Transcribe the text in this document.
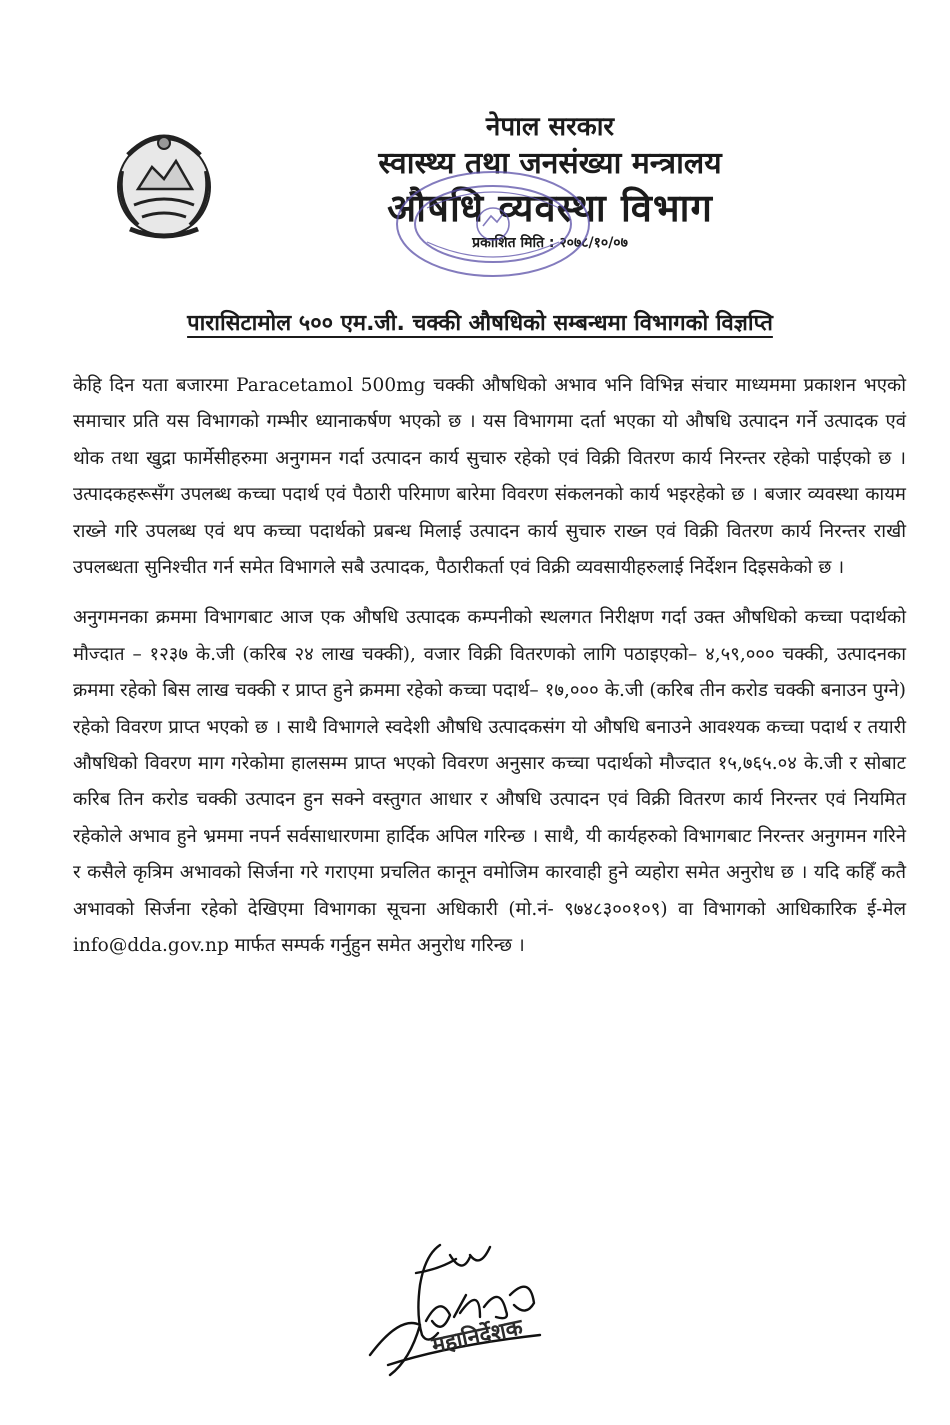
नेपाल सरकार
स्वास्थ्य तथा जनसंख्या मन्त्रालय
औषधि व्यवस्था विभाग
प्रकाशित मिति : २०७८/१०/०७
पारासिटामोल ५०० एम.जी. चक्की औषधिको सम्बन्धमा विभागको विज्ञप्ति

केहि दिन यता बजारमा Paracetamol 500mg चक्की औषधिको अभाव भनि विभिन्न संचार माध्यममा प्रकाशन भएको समाचार प्रति यस विभागको गम्भीर ध्यानाकर्षण भएको छ । यस विभागमा दर्ता भएका यो औषधि उत्पादन गर्ने उत्पादक एवं थोक तथा खुद्रा फार्मेसीहरुमा अनुगमन गर्दा उत्पादन कार्य सुचारु रहेको एवं विक्री वितरण कार्य निरन्तर रहेको पाईएको छ । उत्पादकहरूसँग उपलब्ध कच्चा पदार्थ एवं पैठारी परिमाण बारेमा विवरण संकलनको कार्य भइरहेको छ । बजार व्यवस्था कायम राख्ने गरि उपलब्ध एवं थप कच्चा पदार्थको प्रबन्ध मिलाई उत्पादन कार्य सुचारु राख्न एवं विक्री वितरण कार्य निरन्तर राखी उपलब्धता सुनिश्चीत गर्न समेत विभागले सबै उत्पादक, पैठारीकर्ता एवं विक्री व्यवसायीहरुलाई निर्देशन दिइसकेको छ ।

अनुगमनका क्रममा विभागबाट आज एक औषधि उत्पादक कम्पनीको स्थलगत निरीक्षण गर्दा उक्त औषधिको कच्चा पदार्थको मौज्दात – १२३७ के.जी (करिब २४ लाख चक्की), वजार विक्री वितरणको लागि पठाइएको– ४,५९,००० चक्की, उत्पादनका क्रममा रहेको बिस लाख चक्की र प्राप्त हुने क्रममा रहेको कच्चा पदार्थ– १७,००० के.जी (करिब तीन करोड चक्की बनाउन पुग्ने) रहेको विवरण प्राप्त भएको छ । साथै विभागले स्वदेशी औषधि उत्पादकसंग यो औषधि बनाउने आवश्यक कच्चा पदार्थ र तयारी औषधिको विवरण माग गरेकोमा हालसम्म प्राप्त भएको विवरण अनुसार कच्चा पदार्थको मौज्दात १५,७६५.०४ के.जी र सोबाट करिब तिन करोड चक्की उत्पादन हुन सक्ने वस्तुगत आधार र औषधि उत्पादन एवं विक्री वितरण कार्य निरन्तर एवं नियमित रहेकोले अभाव हुने भ्रममा नपर्न सर्वसाधारणमा हार्दिक अपिल गरिन्छ । साथै, यी कार्यहरुको विभागबाट निरन्तर अनुगमन गरिने र कसैले कृत्रिम अभावको सिर्जना गरे गराएमा प्रचलित कानून वमोजिम कारवाही हुने व्यहोरा समेत अनुरोध छ । यदि कहिँ कतै अभावको सिर्जना रहेको देखिएमा विभागका सूचना अधिकारी (मो.नं- ९७४८३००१०९) वा विभागको आधिकारिक ई-मेल info@dda.gov.np मार्फत सम्पर्क गर्नुहुन समेत अनुरोध गरिन्छ ।

महानिर्देशक
